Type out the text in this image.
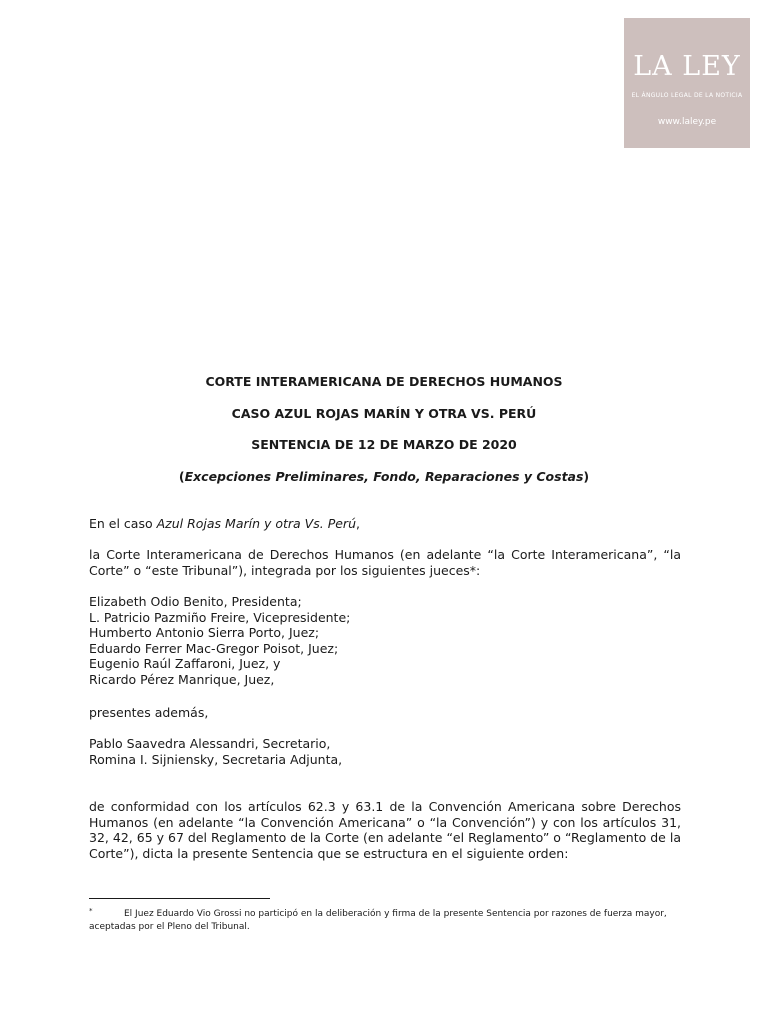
LA LEY
EL ÁNGULO LEGAL DE LA NOTICIA
www.laley.pe
CORTE INTERAMERICANA DE DERECHOS HUMANOS
CASO AZUL ROJAS MARÍN Y OTRA VS. PERÚ
SENTENCIA DE 12 DE MARZO DE 2020
(Excepciones Preliminares, Fondo, Reparaciones y Costas)
En el caso Azul Rojas Marín y otra Vs. Perú,
la Corte Interamericana de Derechos Humanos (en adelante “la Corte Interamericana”, “la Corte” o “este Tribunal”), integrada por los siguientes jueces*:
Elizabeth Odio Benito, Presidenta;
L. Patricio Pazmiño Freire, Vicepresidente;
Humberto Antonio Sierra Porto, Juez;
Eduardo Ferrer Mac-Gregor Poisot, Juez;
Eugenio Raúl Zaffaroni, Juez, y
Ricardo Pérez Manrique, Juez,
presentes además,
Pablo Saavedra Alessandri, Secretario,
Romina I. Sijniensky, Secretaria Adjunta,
de conformidad con los artículos 62.3 y 63.1 de la Convención Americana sobre Derechos Humanos (en adelante “la Convención Americana” o “la Convención”) y con los artículos 31, 32, 42, 65 y 67 del Reglamento de la Corte (en adelante “el Reglamento” o “Reglamento de la Corte”), dicta la presente Sentencia que se estructura en el siguiente orden:
*	El Juez Eduardo Vio Grossi no participó en la deliberación y firma de la presente Sentencia por razones de fuerza mayor, aceptadas por el Pleno del Tribunal.
